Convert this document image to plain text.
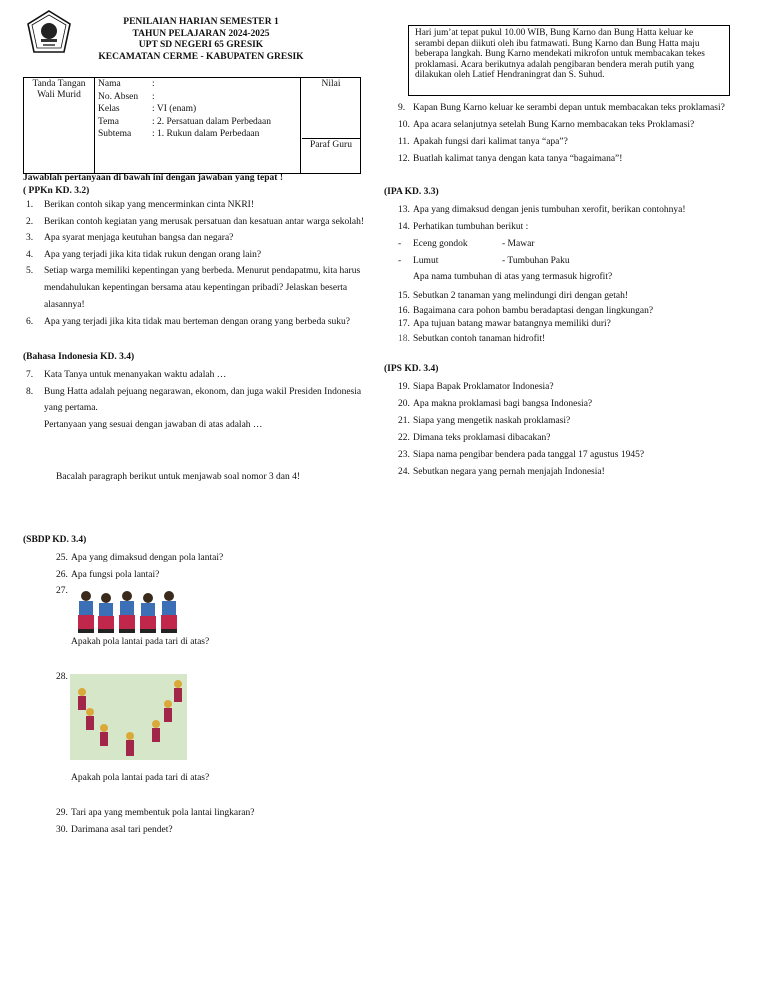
PENILAIAN HARIAN SEMESTER 1
TAHUN PELAJARAN 2024-2025
UPT SD NEGERI 65 GRESIK
KECAMATAN CERME - KABUPATEN GRESIK
Tanda Tangan
Wali Murid
Nama	:
No. Absen	:
Kelas	: VI (enam)
Tema	: 2. Persatuan dalam Perbedaan
Subtema	: 1. Rukun dalam Perbedaan
Nilai
Paraf Guru
Jawablah pertanyaan di bawah ini dengan jawaban yang tepat !
( PPKn KD. 3.2)
1.	Berikan contoh sikap yang mencerminkan cinta NKRI!
2.	Berikan contoh kegiatan yang merusak persatuan dan kesatuan antar warga sekolah!
3.	Apa syarat menjaga keutuhan bangsa dan negara?
4.	Apa yang terjadi jika kita tidak rukun dengan orang lain?
5.	Setiap warga memiliki kepentingan yang berbeda. Menurut pendapatmu, kita harus mendahulukan kepentingan bersama atau kepentingan pribadi? Jelaskan beserta alasannya!
6.	Apa yang terjadi jika kita tidak mau berteman dengan orang yang berbeda suku?
(Bahasa Indonesia KD. 3.4)
7.	Kata Tanya untuk menanyakan waktu adalah …
8.	Bung Hatta adalah pejuang negarawan, ekonom, dan juga wakil Presiden Indonesia yang pertama.
Pertanyaan yang sesuai dengan jawaban di atas adalah …
Bacalah paragraph berikut untuk menjawab soal nomor 3 dan 4!
(SBDP KD. 3.4)
25. Apa yang dimaksud dengan pola lantai?
26. Apa fungsi pola lantai?
27.
Apakah pola lantai pada tari di atas?
28.
Apakah pola lantai pada tari di atas?
29. Tari apa yang membentuk pola lantai lingkaran?
30. Darimana asal tari pendet?
Hari jum’at tepat pukul 10.00 WIB, Bung Karno dan Bung Hatta keluar ke serambi depan diikuti oleh ibu fatmawati. Bung Karno dan Bung Hatta maju beberapa langkah. Bung Karno mendekati mikrofon untuk membacakan tekes proklamasi. Acara berikutnya adalah pengibaran bendera merah putih yang dilakukan oleh Latief Hendraningrat dan S. Suhud.
9. Kapan Bung Karno keluar ke serambi depan untuk membacakan teks proklamasi?
10. Apa acara selanjutnya setelah Bung Karno membacakan teks Proklamasi?
11. Apakah fungsi dari kalimat tanya “apa”?
12. Buatlah kalimat tanya dengan kata tanya “bagaimana”!
(IPA KD. 3.3)
13. Apa yang dimaksud dengan jenis tumbuhan xerofit, berikan contohnya!
14. Perhatikan tumbuhan berikut :
-	Eceng gondok	- Mawar
-	Lumut	- Tumbuhan Paku
Apa nama tumbuhan di atas yang termasuk higrofit?
15. Sebutkan 2 tanaman yang melindungi diri dengan getah!
16. Bagaimana cara pohon bambu beradaptasi dengan lingkungan?
17. Apa tujuan batang mawar batangnya memiliki duri?
18. Sebutkan contoh tanaman hidrofit!
(IPS KD. 3.4)
19. Siapa Bapak Proklamator Indonesia?
20. Apa makna proklamasi bagi bangsa Indonesia?
21. Siapa yang mengetik naskah proklamasi?
22. Dimana teks proklamasi dibacakan?
23. Siapa nama pengibar bendera pada tanggal 17 agustus 1945?
24. Sebutkan negara yang pernah menjajah Indonesia!
